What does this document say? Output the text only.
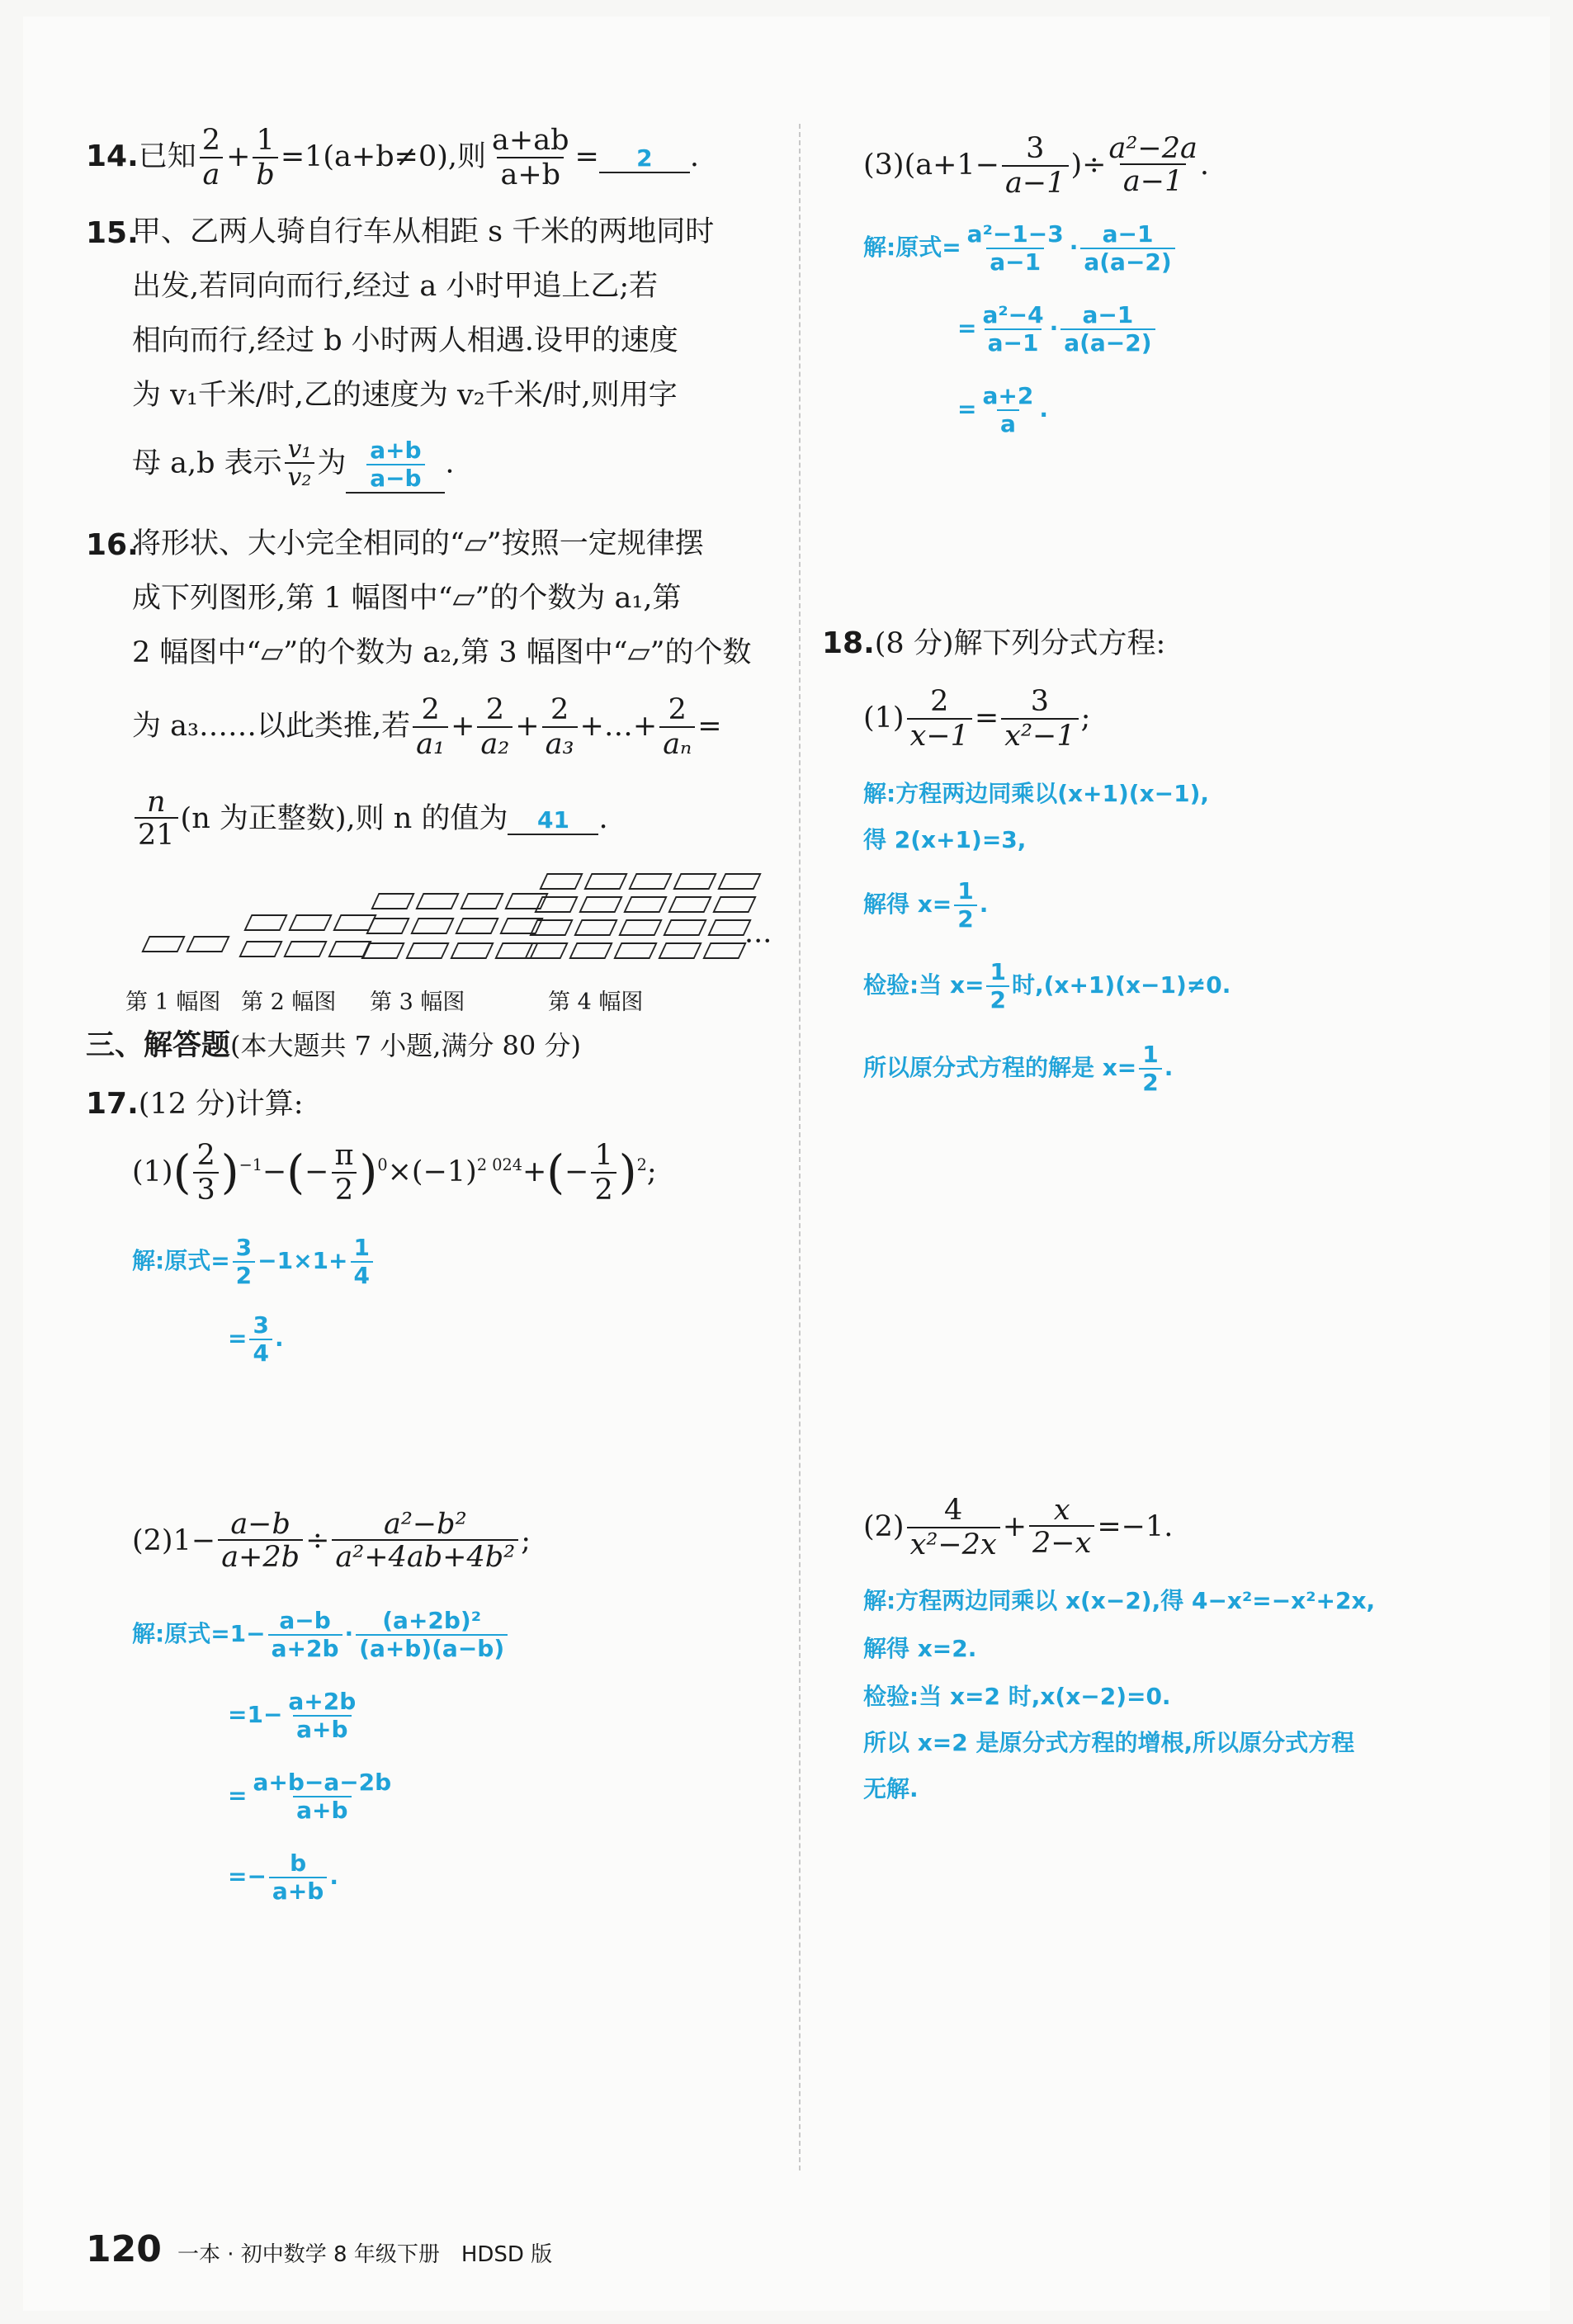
14.已知 $\frac{2}{a} + \frac{1}{b} =1(a+b\ne 0)$,则 $\frac{a+ab}{a+b} = 2$ .
15.
甲、乙两人骑自行车从相距 s 千米的两地同时
出发,若同向而行,经过 a 小时甲追上乙;若
相向而行,经过 b 小时两人相遇.设甲的速度
为 v₁千米/时,乙的速度为 v₂千米/时,则用字
母 a,b 表示 $\frac{\text{v₁}}{\text{v₂}}$ 为 $\frac{a+b}{a-b}$ .
16.
将形状、大小完全相同的“▱”按照一定规律摆
成下列图形,第 1 幅图中“▱”的个数为 a₁,第
2 幅图中“▱”的个数为 a₂,第 3 幅图中“▱”的个数
为 a₃……以此类推,若 $\frac{2}{\text{a₁}} + \frac{2}{\text{a₂}} + \frac{2}{\text{a₃}}$ +…+ $\frac{2}{\text{aₙ}}$ =
$\frac{n}{21} (n$ 为正整数),则 n 的值为 41 .
···
第 1 幅图 第 2 幅图 第 3 幅图	第 4 幅图
三、解答题(本大题共 7 小题,满分 80 分)
17.(12 分)计算:
$(1)( \frac{2}{3} )^{-1}-(- \frac{\pi}{2} )^0\times(-1)^{2 024}+(- \frac{1}{2} )^2$;
解:原式= $\frac{3}{2} -1\times 1+ \frac{1}{4}$
= $\frac{3}{4}$ .
$(2)1- \frac{a-b}{a+2b} \div \frac{\text{a²−b²}}{\text{a²+4ab+4b²}}$ ;
解:原式$=1- \frac{a-b}{a+2b} \cdot \frac{\text{(a+2b)²}}{(a+b)(a-b)}$
$=1- \frac{a+2b}{a+b}$
= $\frac{a+b-a-2b}{a+b}$
=− $\frac{b}{a+b}$ .
$(3)(a+1- \frac{3}{a-1}$ )÷ $\frac{\text{a²−2a}}{a-1}$ .
解:原式= $\frac{\text{a²−1−3}}{a-1} \cdot \frac{a-1}{a(a-2)}$
= $\frac{\text{a²−4}}{a-1} \cdot \frac{a-1}{a(a-2)}$
= $\frac{a+2}{a}$ .
18.(8 分)解下列分式方程:
$(1) \frac{2}{x-1} = \frac{3}{\text{x²−1}}$ ;
解:方程两边同乘以(x+1)(x−1),
得 2(x+1)=3,
解得 $x= \frac{1}{2}$ .
检验:当 $x= \frac{1}{2}$ 时,(x+1)(x−1)≠0.
所以原分式方程的解是 $x= \frac{1}{2}$ .
$(2) \frac{4}{\text{x²−2x}} + \frac{x}{2-x} =-1$.
解:方程两边同乘以 x(x−2),得 4−x²=−x²+2x,
解得 x=2.
检验:当 x=2 时,x(x−2)=0.
所以 x=2 是原分式方程的增根,所以原分式方程
无解.
120 一本 · 初中数学 8 年级下册　HDSD 版
